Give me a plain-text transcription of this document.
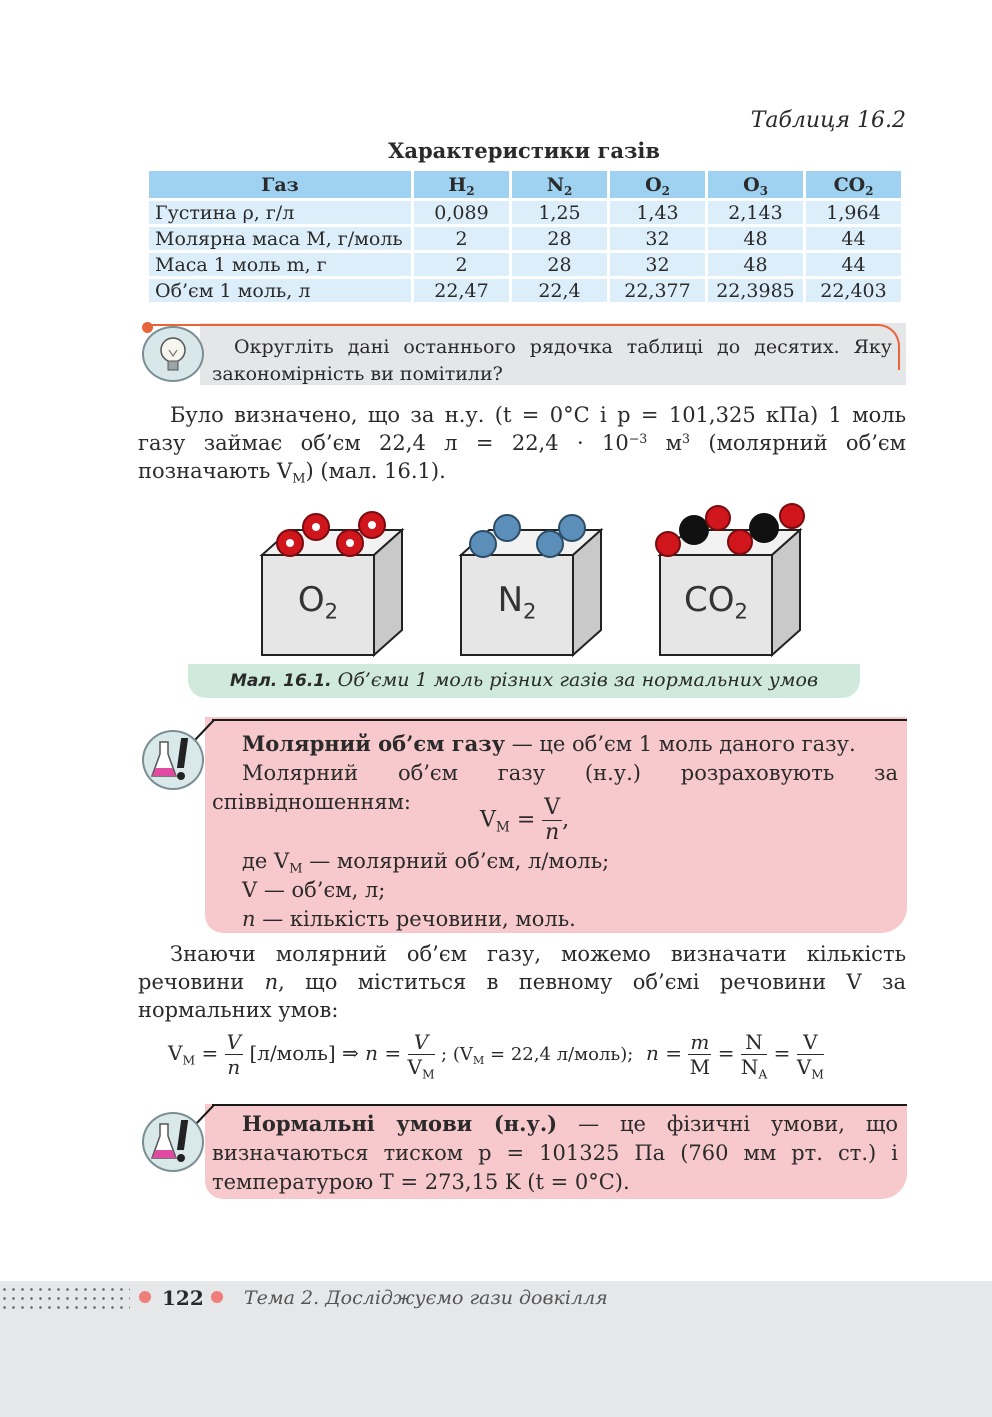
Таблиця 16.2
Характеристики газів
Газ	$H_2$	$N_2$	$O_2$	$O_3$	$CO_2$
Густина ρ, г/л	0,089	1,25	1,43	2,143	1,964
Молярна маса M, г/моль	2	28	32	48	44
Маса 1 моль m, г	2	28	32	48	44
Об’єм 1 моль, л	22,47	22,4	22,377	22,3985	22,403
Округліть дані останнього рядочка таблиці до десятих. Яку закономірність ви помітили?
Було визначено, що за н.у. (t = 0°C і p = 101,325 кПа) 1 моль газу займає об’єм 22,4 $л = 22,4 \cdot 10^{-3}$ $м^3$ (молярний об’єм позначають $V_M$) (мал. 16.1).
$O_2$	$N_2$	$CO_2$
Мал. 16.1. Об’єми 1 моль різних газів за нормальних умов
Молярний об’єм газу — це об’єм 1 моль даного газу.
Молярний об’єм газу (н.у.) розраховують за співвідношенням:
$V_M = \frac{V}{n}$ ,
де $V_M$ — молярний об’єм, л/моль;
V — об’єм, л;
n — кількість речовини, моль.
Знаючи молярний об’єм газу, можемо визначати кількість речовини n, що міститься в певному об’ємі речовини V за нормальних умов:
$V_M = \frac{V}{n}$ [л/моль] ⇒ $n = \frac{V}{V_M}$ ; ($V_M = 22,4$ л/моль); $n = \frac{m}{M} = \frac{N}{N_A} = \frac{V}{V_M}$
Нормальні умови (н.у.) — це фізичні умови, що визначаються тиском p = 101325 Па (760 мм рт. ст.) і температурою T = 273,15 K (t = 0°C).
122 Тема 2. Досліджуємо гази довкілля
